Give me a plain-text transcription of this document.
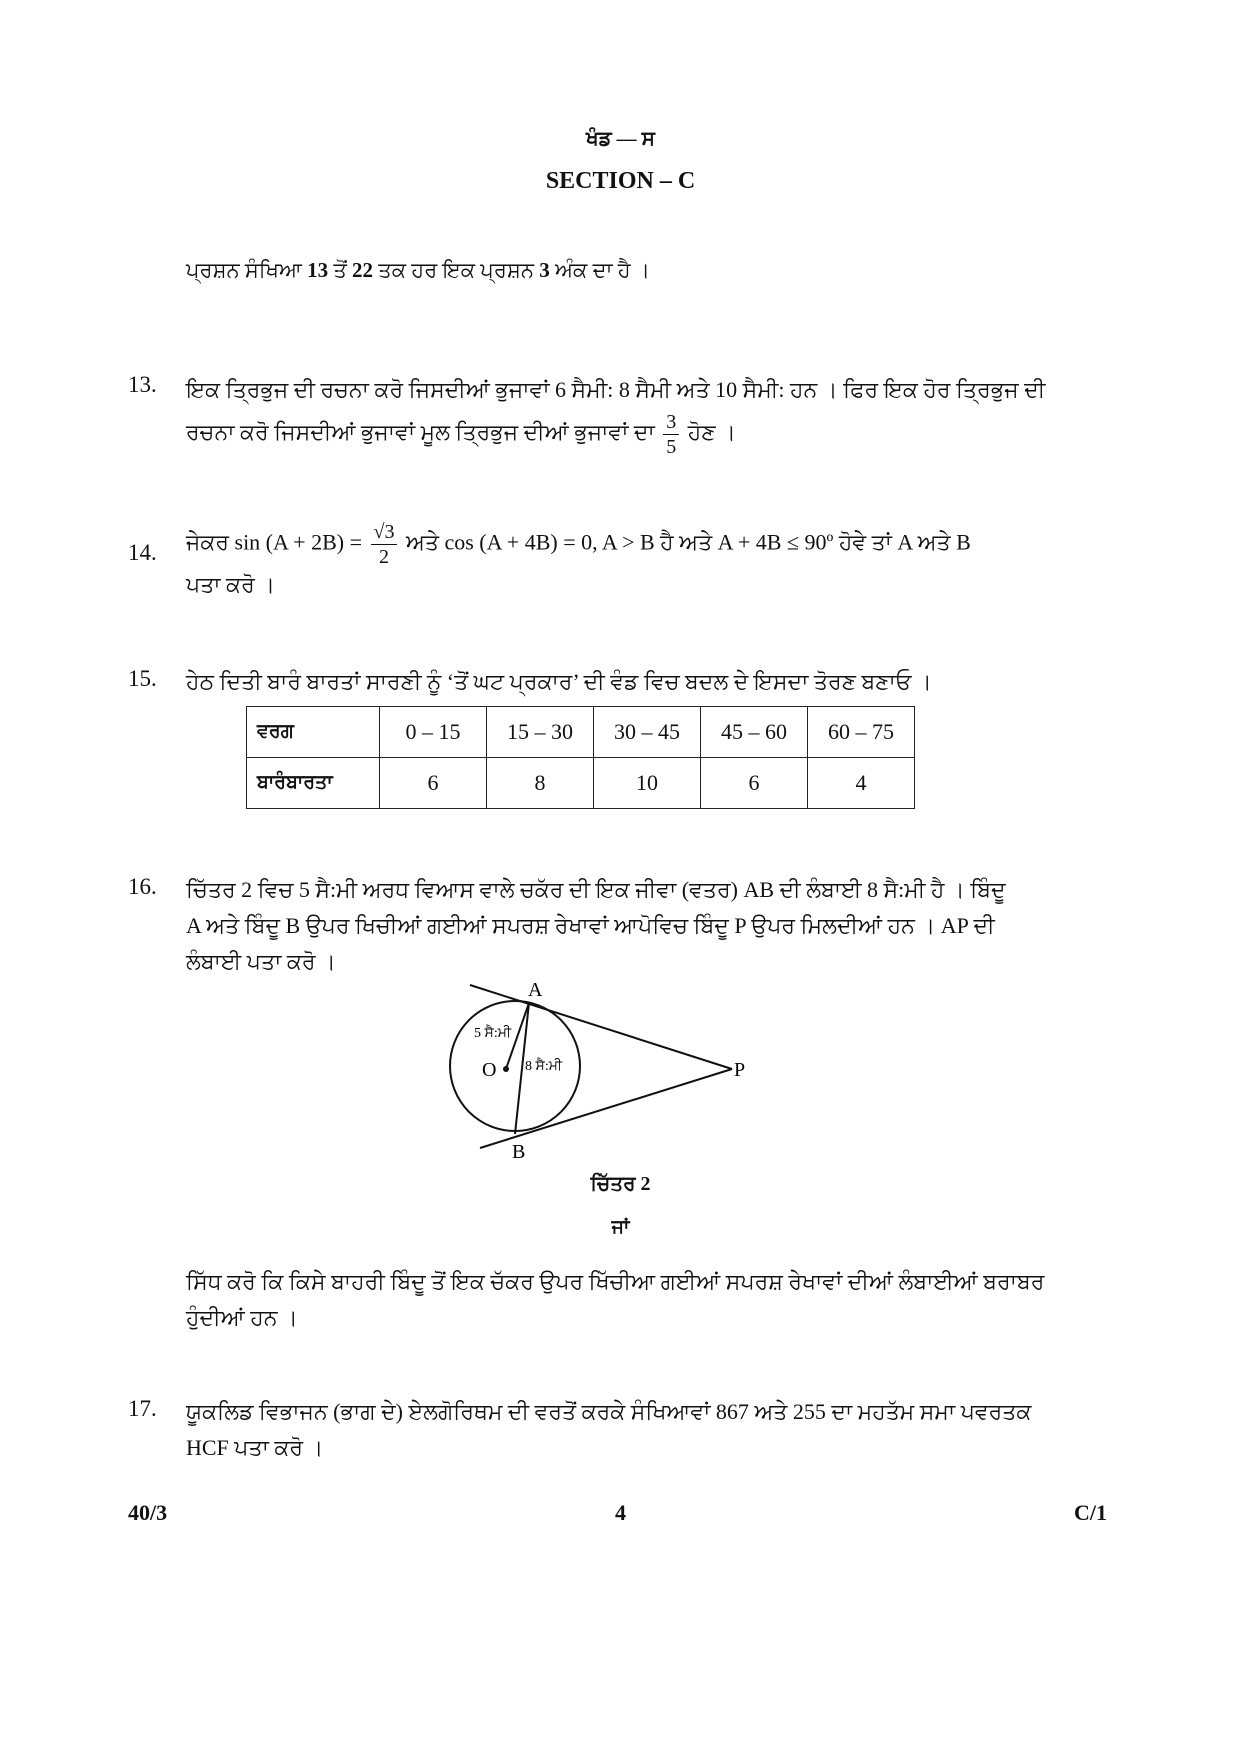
ਖੰਡ — ਸ
SECTION – C
ਪ੍ਰਸ਼ਨ ਸੰਖਿਆ 13 ਤੋਂ 22 ਤਕ ਹਰ ਇਕ ਪ੍ਰਸ਼ਨ 3 ਅੰਕ ਦਾ ਹੈ ।
13. ਇਕ ਤ੍ਰਿਭੁਜ ਦੀ ਰਚਨਾ ਕਰੋ ਜਿਸਦੀਆਂ ਭੁਜਾਵਾਂ 6 ਸੈਮੀ: 8 ਸੈਮੀ ਅਤੇ 10 ਸੈਮੀ: ਹਨ । ਫਿਰ ਇਕ ਹੋਰ ਤ੍ਰਿਭੁਜ ਦੀ
ਰਚਨਾ ਕਰੋ ਜਿਸਦੀਆਂ ਭੁਜਾਵਾਂ ਮੂਲ ਤ੍ਰਿਭੁਜ ਦੀਆਂ ਭੁਜਾਵਾਂ ਦਾ $\frac{3}{5}$ ਹੋਣ ।
14. ਜੇਕਰ $\sin (A + 2B) = \frac{√3}{2}$ ਅਤੇ cos (A + 4B) = 0, A > B ਹੈ ਅਤੇ A + 4B ≤ 90º ਹੋਵੇ ਤਾਂ A ਅਤੇ B
ਪਤਾ ਕਰੋ ।
15. ਹੇਠ ਦਿਤੀ ਬਾਰੰ ਬਾਰਤਾਂ ਸਾਰਣੀ ਨੂੰ ‘ਤੋਂ ਘਟ ਪ੍ਰਕਾਰ’ ਦੀ ਵੰਡ ਵਿਚ ਬਦਲ ਦੇ ਇਸਦਾ ਤੋਰਣ ਬਣਾਓ ।
ਵਰਗ	0 – 15	15 – 30	30 – 45	45 – 60	60 – 75
ਬਾਰੰਬਾਰਤਾ	6	8	10	6	4
16. ਚਿੱਤਰ 2 ਵਿਚ 5 ਸੈ:ਮੀ ਅਰਧ ਵਿਆਸ ਵਾਲੇ ਚਕੱਰ ਦੀ ਇਕ ਜੀਵਾ (ਵਤਰ) AB ਦੀ ਲੰਬਾਈ 8 ਸੈ:ਮੀ ਹੈ । ਬਿੰਦੂ
A ਅਤੇ ਬਿੰਦੂ B ਉਪਰ ਖਿਚੀਆਂ ਗਈਆਂ ਸਪਰਸ਼ ਰੇਖਾਵਾਂ ਆਪੋਵਿਚ ਬਿੰਦੂ P ਉਪਰ ਮਿਲਦੀਆਂ ਹਨ । AP ਦੀ
ਲੰਬਾਈ ਪਤਾ ਕਰੋ ।
A
B
O	P
5 ਸੈ:ਮੀ
8 ਸੈ:ਮੀ
ਚਿੱਤਰ 2
ਜਾਂ
ਸਿੱਧ ਕਰੋ ਕਿ ਕਿਸੇ ਬਾਹਰੀ ਬਿੰਦੂ ਤੋਂ ਇਕ ਚੱਕਰ ਉਪਰ ਖਿੱਚੀਆ ਗਈਆਂ ਸਪਰਸ਼ ਰੇਖਾਵਾਂ ਦੀਆਂ ਲੰਬਾਈਆਂ ਬਰਾਬਰ
ਹੁੰਦੀਆਂ ਹਨ ।
17. ਯੂਕਲਿਡ ਵਿਭਾਜਨ (ਭਾਗ ਦੇ) ਏਲਗੋਰਿਥਮ ਦੀ ਵਰਤੋਂ ਕਰਕੇ ਸੰਖਿਆਵਾਂ 867 ਅਤੇ 255 ਦਾ ਮਹਤੱਮ ਸਮਾ ਪਵਰਤਕ
HCF ਪਤਾ ਕਰੋ ।
40/3	4	C/1
